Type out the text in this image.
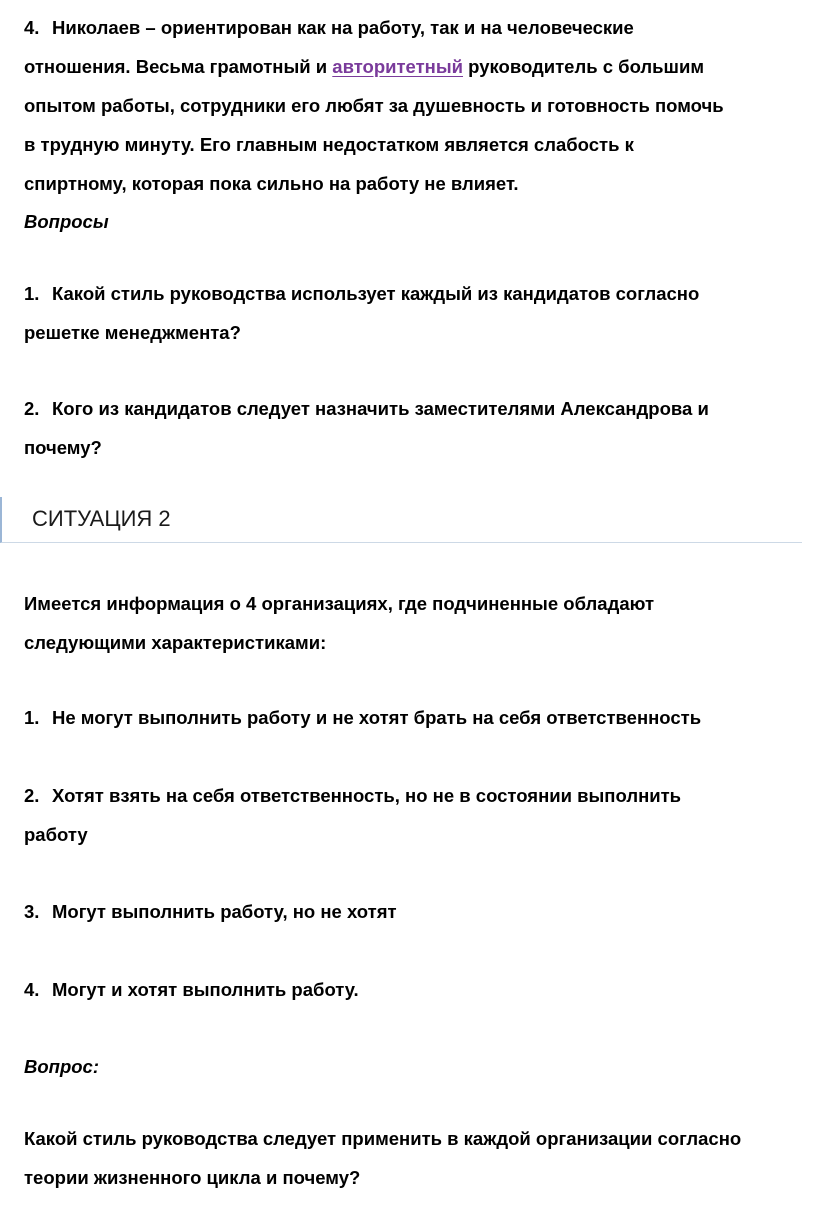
4. Николаев – ориентирован как на работу, так и на человеческие
отношения. Весьма грамотный и авторитетный руководитель с большим
опытом работы, сотрудники его любят за душевность и готовность помочь
в трудную минуту. Его главным недостатком является слабость к
спиртному, которая пока сильно на работу не влияет.
Вопросы
1. Какой стиль руководства использует каждый из кандидатов согласно
решетке менеджмента?
2. Кого из кандидатов следует назначить заместителями Александрова и
почему?
СИТУАЦИЯ 2
Имеется информация о 4 организациях, где подчиненные обладают
следующими характеристиками:
1. Не могут выполнить работу и не хотят брать на себя ответственность
2. Хотят взять на себя ответственность, но не в состоянии выполнить
работу
3. Могут выполнить работу, но не хотят
4. Могут и хотят выполнить работу.
Вопрос:
Какой стиль руководства следует применить в каждой организации согласно
теории жизненного цикла и почему?
